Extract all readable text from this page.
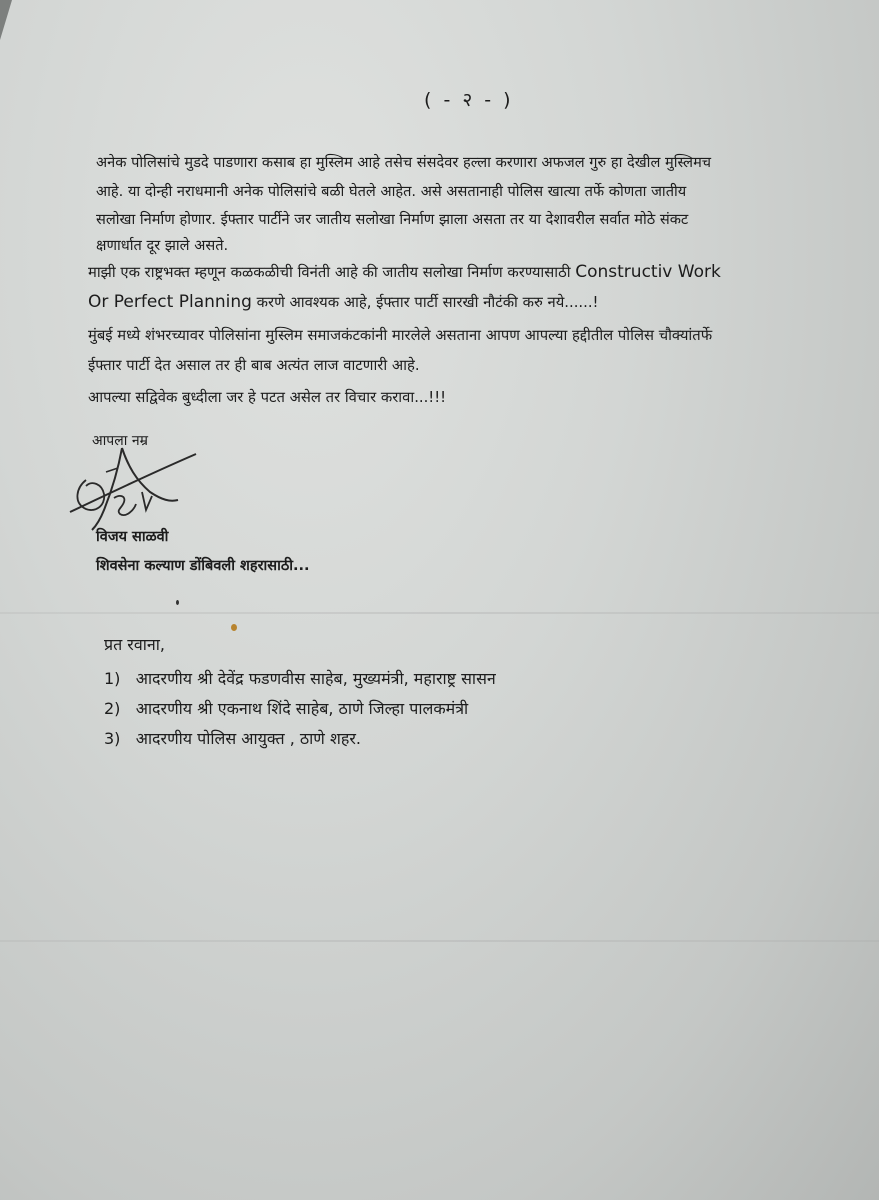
( - २ - )
अनेक पोलिसांचे मुडदे पाडणारा कसाब हा मुस्लिम आहे तसेच संसदेवर हल्ला करणारा अफजल गुरु हा देखील मुस्लिमच
आहे. या दोन्ही नराधमानी अनेक पोलिसांचे बळी घेतले आहेत. असे असतानाही पोलिस खात्या तर्फे कोणता जातीय
सलोखा निर्माण होणार. ईफ्तार पार्टीने जर जातीय सलोखा निर्माण झाला असता तर या देशावरील सर्वात मोठे संकट
क्षणार्धात दूर झाले असते.
माझी एक राष्ट्रभक्त म्हणून कळकळीची विनंती आहे की जातीय सलोखा निर्माण करण्यासाठी Constructiv Work
Or Perfect Planning करणे आवश्यक आहे, ईफ्तार पार्टी सारखी नौटंकी करु नये......!
मुंबई मध्ये शंभरच्यावर पोलिसांना मुस्लिम समाजकंटकांनी मारलेले असताना आपण आपल्या हद्दीतील पोलिस चौक्यांतर्फे
ईफ्तार पार्टी देत असाल तर ही बाब अत्यंत लाज वाटणारी आहे.
आपल्या सद्विवेक बुध्दीला जर हे पटत असेल तर विचार करावा...!!!
आपला नम्र
विजय साळवी
शिवसेना कल्याण डोंबिवली शहरासाठी...
प्रत रवाना,
1) आदरणीय श्री देवेंद्र फडणवीस साहेब, मुख्यमंत्री, महाराष्ट्र सासन
2) आदरणीय श्री एकनाथ शिंदे साहेब, ठाणे जिल्हा पालकमंत्री
3) आदरणीय पोलिस आयुक्त , ठाणे शहर.
